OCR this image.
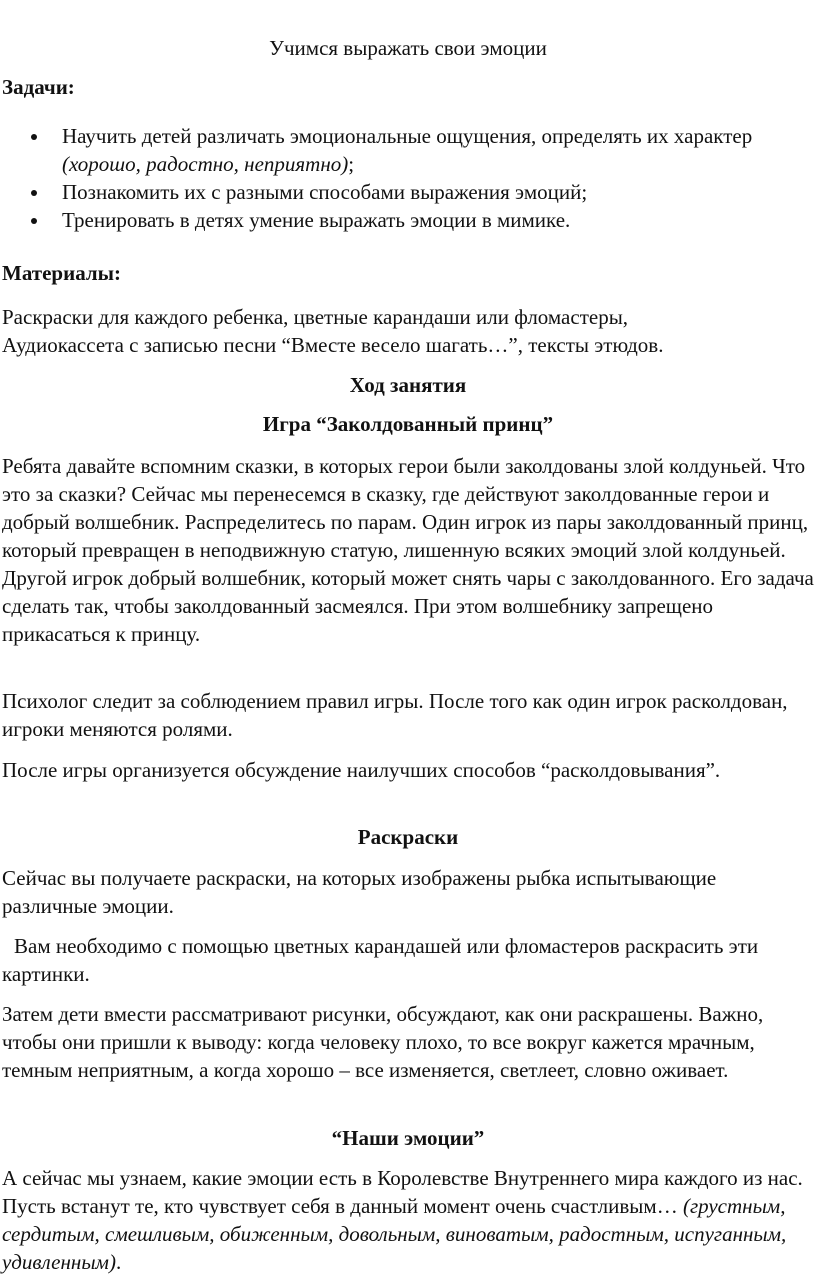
Учимся выражать свои эмоции

Задачи:

Научить детей различать эмоциональные ощущения, определять их характер (хорошо, радостно, неприятно);
Познакомить их с разными способами выражения эмоций;
Тренировать в детях умение выражать эмоции в мимике.

Материалы:

Раскраски для каждого ребенка, цветные карандаши или фломастеры,
Аудиокассета с записью песни “Вместе весело шагать…”, тексты этюдов.

Ход занятия

Игра “Заколдованный принц”

Ребята давайте вспомним сказки, в которых герои были заколдованы злой колдуньей. Что это за сказки? Сейчас мы перенесемся в сказку, где действуют заколдованные герои и добрый волшебник. Распределитесь по парам. Один игрок из пары заколдованный принц, который превращен в неподвижную статую, лишенную всяких эмоций злой колдуньей. Другой игрок добрый волшебник, который может снять чары с заколдованного. Его задача сделать так, чтобы заколдованный засмеялся. При этом волшебнику запрещено прикасаться к принцу.

Психолог следит за соблюдением правил игры. После того как один игрок расколдован, игроки меняются ролями.

После игры организуется обсуждение наилучших способов “расколдовывания”.

Раскраски

Сейчас вы получаете раскраски, на которых изображены рыбка испытывающие различные эмоции.

Вам необходимо с помощью цветных карандашей или фломастеров раскрасить эти картинки.

Затем дети вмести рассматривают рисунки, обсуждают, как они раскрашены. Важно, чтобы они пришли к выводу: когда человеку плохо, то все вокруг кажется мрачным, темным неприятным, а когда хорошо – все изменяется, светлеет, словно оживает.

“Наши эмоции”

А сейчас мы узнаем, какие эмоции есть в Королевстве Внутреннего мира каждого из нас. Пусть встанут те, кто чувствует себя в данный момент очень счастливым… (грустным, сердитым, смешливым, обиженным, довольным, виноватым, радостным, испуганным, удивленным).
